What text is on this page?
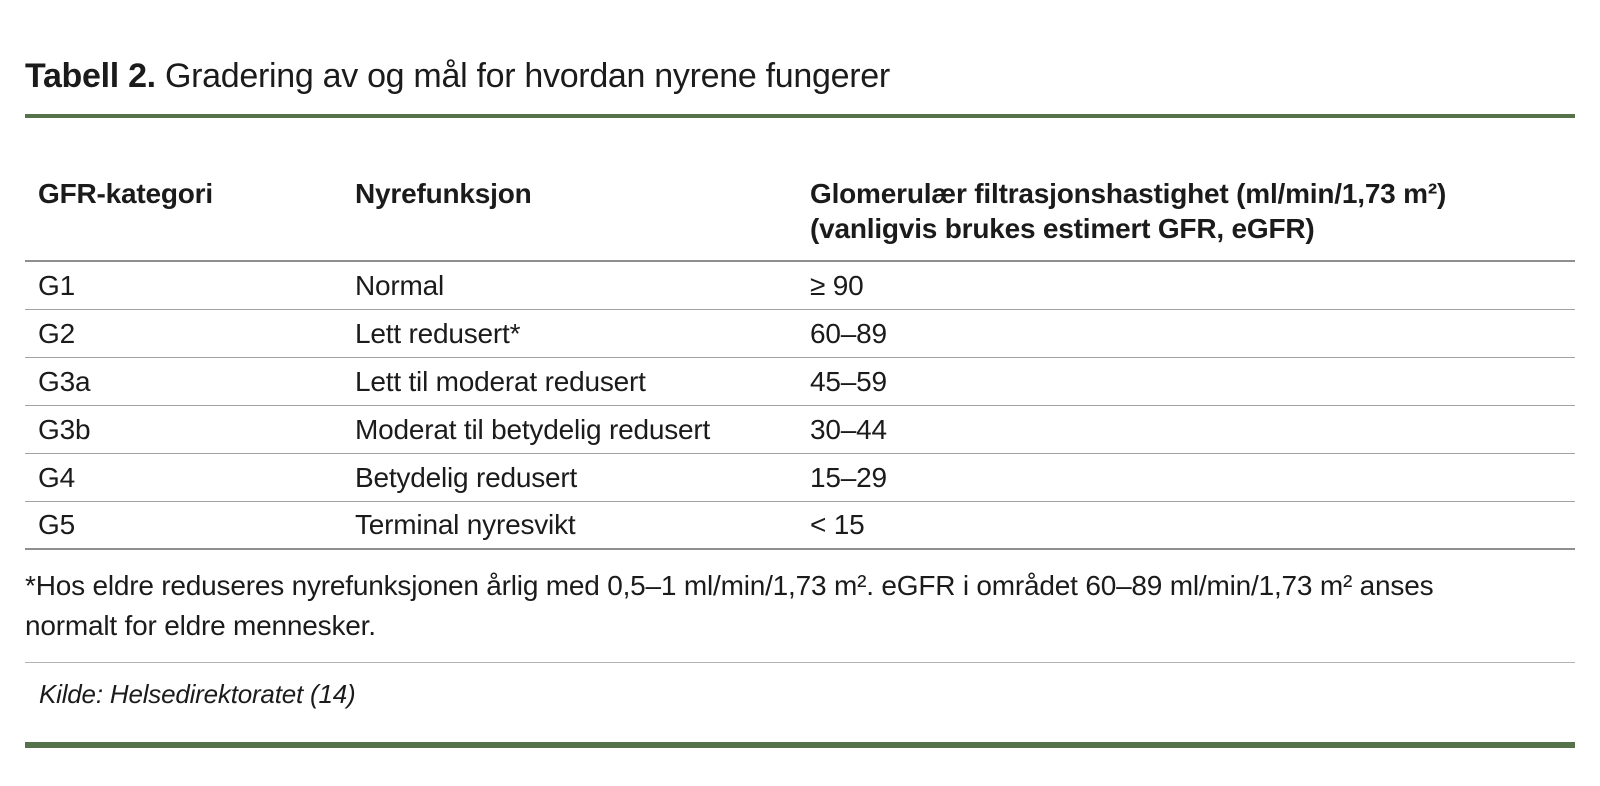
Tabell 2. Gradering av og mål for hvordan nyrene fungerer
GFR-kategori	Nyrefunksjon	Glomerulær filtrasjonshastighet (ml/min/1,73 m²)
(vanligvis brukes estimert GFR, eGFR)
G1	Normal	≥ 90
G2	Lett redusert*	60–89
G3a	Lett til moderat redusert	45–59
G3b	Moderat til betydelig redusert	30–44
G4	Betydelig redusert	15–29
G5	Terminal nyresvikt	< 15

*Hos eldre reduseres nyrefunksjonen årlig med 0,5–1 ml/min/1,73 m². eGFR i området 60–89 ml/min/1,73 m² anses normalt for eldre mennesker.

Kilde: Helsedirektoratet (14)
